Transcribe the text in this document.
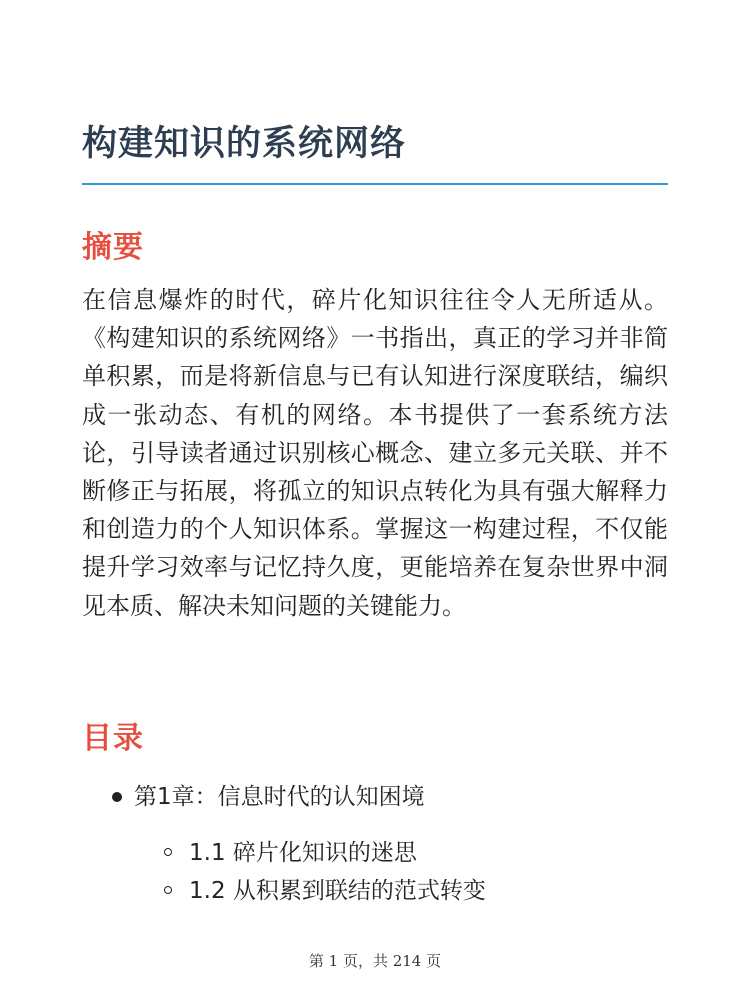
构建知识的系统网络
摘要

在信息爆炸的时代，碎片化知识往往令人无所适从。《构建知识的系统网络》一书指出，真正的学习并非简单积累，而是将新信息与已有认知进行深度联结，编织成一张动态、有机的网络。本书提供了一套系统方法论，引导读者通过识别核心概念、建立多元关联、并不断修正与拓展，将孤立的知识点转化为具有强大解释力和创造力的个人知识体系。掌握这一构建过程，不仅能提升学习效率与记忆持久度，更能培养在复杂世界中洞见本质、解决未知问题的关键能力。

目录
第1章：信息时代的认知困境
1.1 碎片化知识的迷思
1.2 从积累到联结的范式转变
第 1 页，共 214 页
